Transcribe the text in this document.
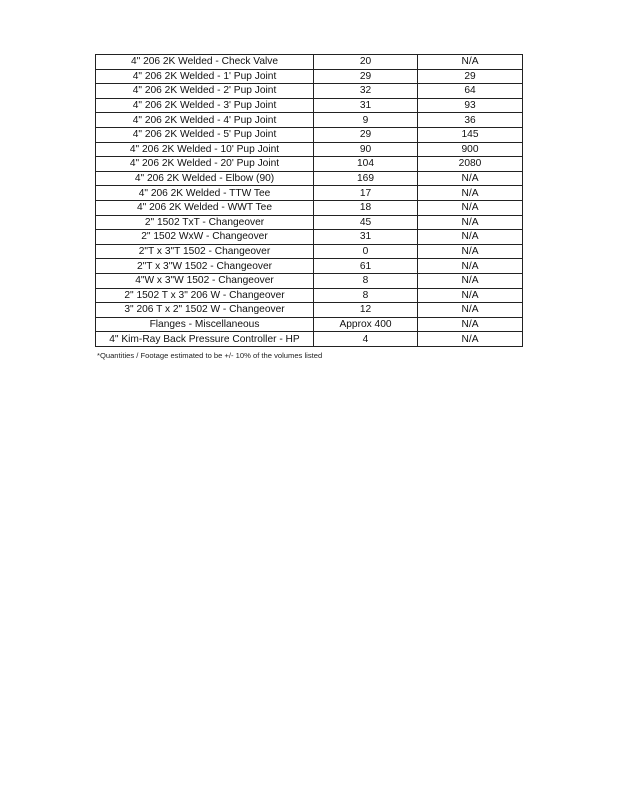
4" 206 2K Welded - Check Valve	20	N/A
4" 206 2K Welded - 1' Pup Joint	29	29
4" 206 2K Welded - 2' Pup Joint	32	64
4" 206 2K Welded - 3' Pup Joint	31	93
4" 206 2K Welded - 4' Pup Joint	9	36
4" 206 2K Welded - 5' Pup Joint	29	145
4" 206 2K Welded - 10' Pup Joint	90	900
4" 206 2K Welded - 20' Pup Joint	104	2080
4" 206 2K Welded - Elbow (90)	169	N/A
4" 206 2K Welded - TTW Tee	17	N/A
4" 206 2K Welded - WWT Tee	18	N/A
2" 1502 TxT - Changeover	45	N/A
2" 1502 WxW - Changeover	31	N/A
2"T x 3"T 1502 - Changeover	0	N/A
2"T x 3"W 1502 - Changeover	61	N/A
4"W x 3"W 1502 - Changeover	8	N/A
2" 1502 T x 3" 206 W - Changeover	8	N/A
3" 206 T x 2" 1502 W - Changeover	12	N/A
Flanges - Miscellaneous	Approx 400	N/A
4" Kim-Ray Back Pressure Controller - HP	4	N/A
*Quantities / Footage estimated to be +/- 10% of the volumes listed
